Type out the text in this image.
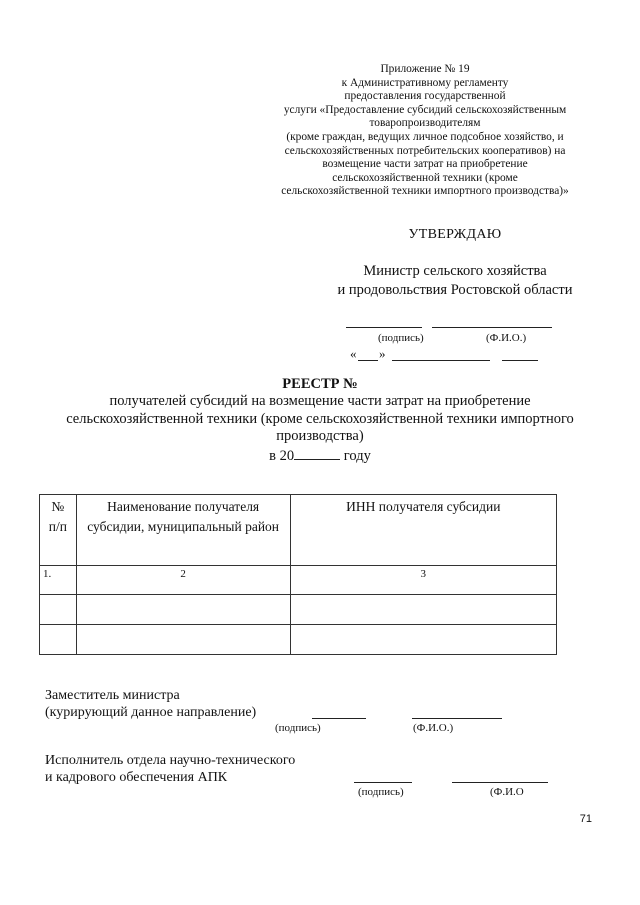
Приложение № 19
к Административному регламенту
предоставления государственной
услуги «Предоставление субсидий сельскохозяйственным
товаропроизводителям
(кроме граждан, ведущих личное подсобное хозяйство, и
сельскохозяйственных потребительских кооперативов) на
возмещение части затрат на приобретение
сельскохозяйственной техники (кроме
сельскохозяйственной техники импортного производства)»
УТВЕРЖДАЮ
Министр сельского хозяйства
и продовольствия Ростовской области
(подпись)	(Ф.И.О.)
« »
РЕЕСТР №
получателей субсидий на возмещение части затрат на приобретение
сельскохозяйственной техники (кроме сельскохозяйственной техники импортного
производства)
в 20	году
№
п/п	Наименование получателя субсидии, муниципальный район	ИНН получателя субсидии
1.	2	3

Заместитель министра
(курирующий данное направление)
(подпись)	(Ф.И.О.)
Исполнитель отдела научно-технического
и кадрового обеспечения АПК
(подпись)	(Ф.И.О
71
